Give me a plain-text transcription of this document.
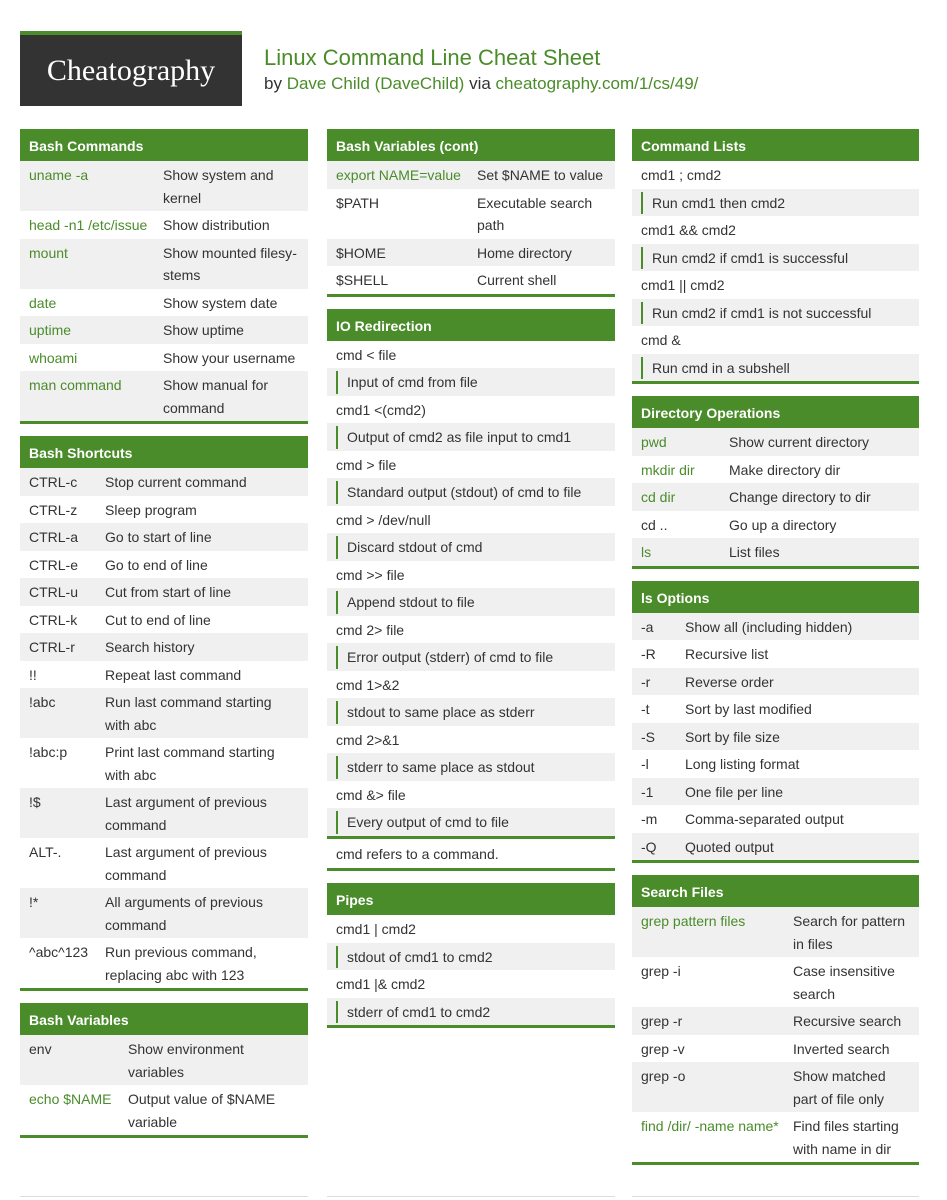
Cheatography Linux Command Line Cheat Sheet
by Dave Child (DaveChild) via cheatography.com/1/cs/49/
Bash Commands
uname -a	Show system and kernel
head -n1 /etc/issue	Show distribution
mount	Show mounted filesystems
date	Show system date
uptime	Show uptime
whoami	Show your username
man command	Show manual for command
Bash Shortcuts
CTRL-c	Stop current command
CTRL-z	Sleep program
CTRL-a	Go to start of line
CTRL-e	Go to end of line
CTRL-u	Cut from start of line
CTRL-k	Cut to end of line
CTRL-r	Search history
!!	Repeat last command
!abc	Run last command starting with abc
!abc:p	Print last command starting with abc
!$	Last argument of previous command
ALT-.	Last argument of previous command
!*	All arguments of previous command
^abc^123	Run previous command, replacing abc with 123
Bash Variables
env	Show environment variables
echo $NAME	Output value of $NAME variable
Bash Variables (cont)
export NAME=value	Set $NAME to value
$PATH	Executable search path
$HOME	Home directory
$SHELL	Current shell
IO Redirection
cmd < file
Input of cmd from file
cmd1 <(cmd2)
Output of cmd2 as file input to cmd1
cmd > file
Standard output (stdout) of cmd to file
cmd > /dev/null
Discard stdout of cmd
cmd >> file
Append stdout to file
cmd 2> file
Error output (stderr) of cmd to file
cmd 1>&2
stdout to same place as stderr
cmd 2>&1
stderr to same place as stdout
cmd &> file
Every output of cmd to file
cmd refers to a command.
Pipes
cmd1 | cmd2
stdout of cmd1 to cmd2
cmd1 |& cmd2
stderr of cmd1 to cmd2
Command Lists
cmd1 ; cmd2
Run cmd1 then cmd2
cmd1 && cmd2
Run cmd2 if cmd1 is successful
cmd1 || cmd2
Run cmd2 if cmd1 is not successful
cmd &
Run cmd in a subshell
Directory Operations
pwd	Show current directory
mkdir dir	Make directory dir
cd dir	Change directory to dir
cd ..	Go up a directory
ls	List files
ls Options
-a	Show all (including hidden)
-R	Recursive list
-r	Reverse order
-t	Sort by last modified
-S	Sort by file size
-l	Long listing format
-1	One file per line
-m	Comma-separated output
-Q	Quoted output
Search Files
grep pattern files	Search for pattern in files
grep -i	Case insensitive search
grep -r	Recursive search
grep -v	Inverted search
grep -o	Show matched part of file only
find /dir/ -name name*	Find files starting with name in dir
